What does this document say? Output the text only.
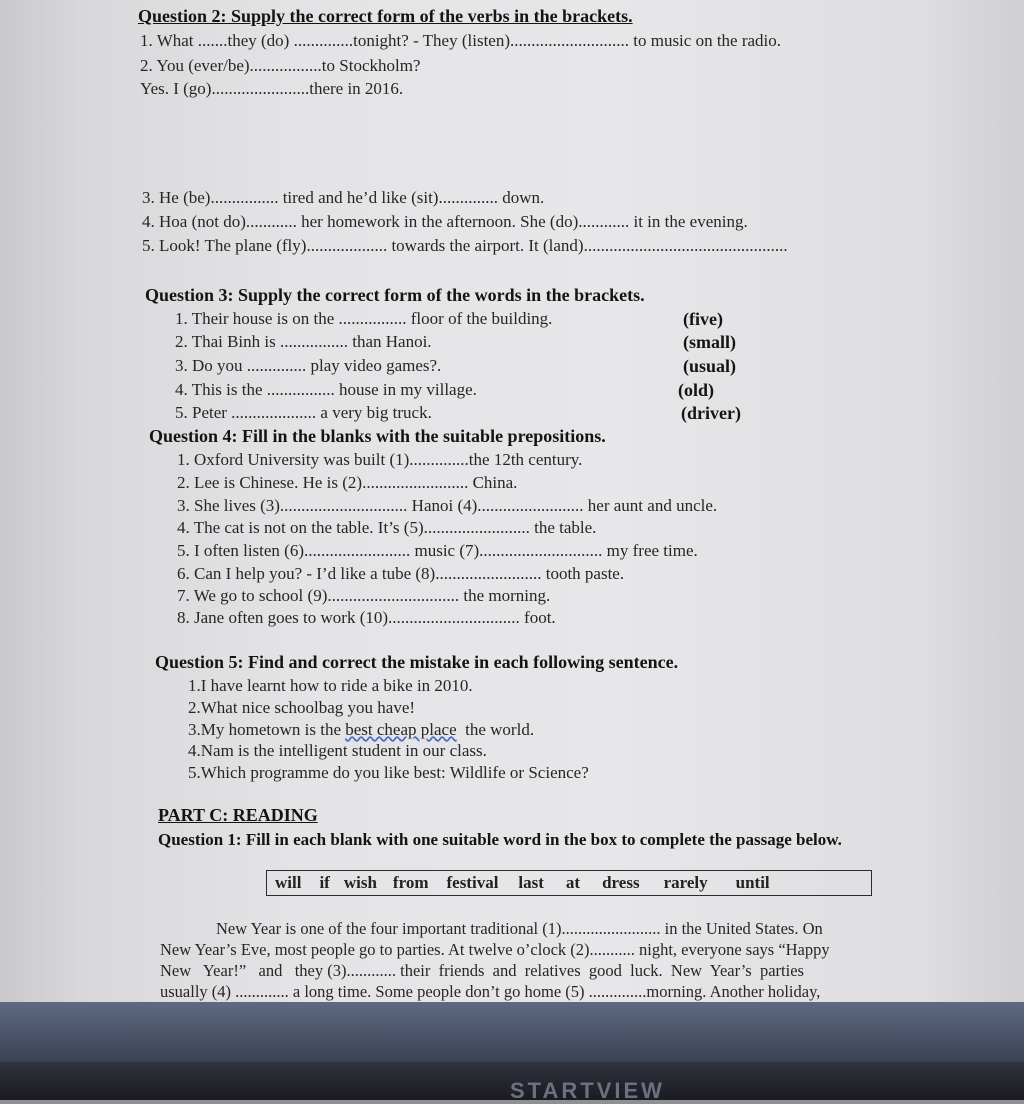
Question 2: Supply the correct form of the verbs in the brackets.
1. What .......they (do) ..............tonight? - They (listen)............................ to music on the radio.
2. You (ever/be).................to Stockholm?
Yes. I (go).......................there in 2016.
3. He (be)................ tired and he’d like (sit).............. down.
4. Hoa (not do)............ her homework in the afternoon. She (do)............ it in the evening.
5. Look! The plane (fly)................... towards the airport. It (land)................................................
Question 3: Supply the correct form of the words in the brackets.
1. Their house is on the ................ floor of the building.	(five)
2. Thai Binh is ................ than Hanoi.	(small)
3. Do you .............. play video games?.	(usual)
4. This is the ................ house in my village.	(old)
5. Peter .................... a very big truck.	(driver)
Question 4: Fill in the blanks with the suitable prepositions.
1. Oxford University was built (1)..............the 12th century.
2. Lee is Chinese. He is (2)......................... China.
3. She lives (3).............................. Hanoi (4)......................... her aunt and uncle.
4. The cat is not on the table. It’s (5)......................... the table.
5. I often listen (6)......................... music (7)............................. my free time.
6. Can I help you? - I’d like a tube (8)......................... tooth paste.
7. We go to school (9)............................... the morning.
8. Jane often goes to work (10)............................... foot.
Question 5: Find and correct the mistake in each following sentence.
1.I have learnt how to ride a bike in 2010.
2.What nice schoolbag you have!
3.My hometown is the best cheap place  the world.
4.Nam is the intelligent student in our class.
5.Which programme do you like best: Wildlife or Science?
PART C: READING
Question 1: Fill in each blank with one suitable word in the box to complete the passage below.
will if wish from festival last at dress rarely until
New Year is one of the four important traditional (1)........................ in the United States. On
New Year’s Eve, most people go to parties. At twelve o’clock (2)........... night, everyone says “Happy
New   Year!”   and   they (3)............ their  friends  and  relatives  good  luck.  New  Year’s  parties
usually (4) ............. a long time. Some people don’t go home (5) ..............morning. Another holiday,
STARTVIEW
